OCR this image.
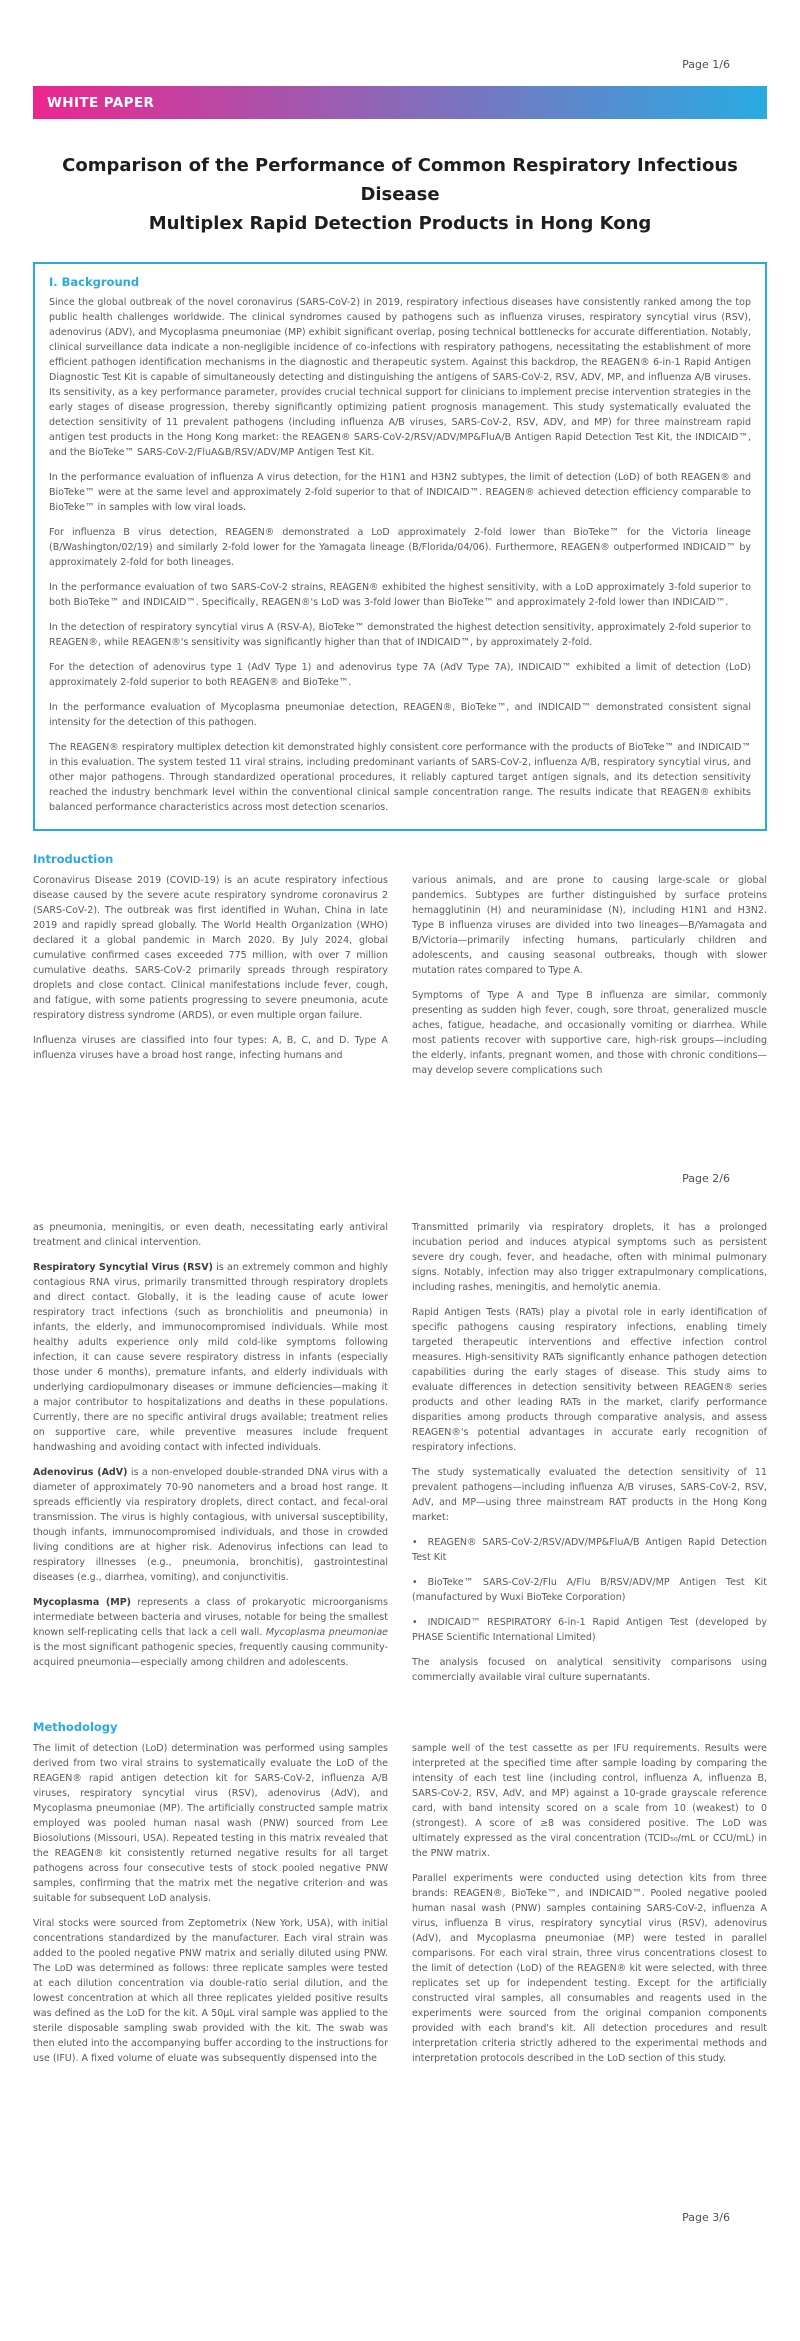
Page 1/6
WHITE PAPER
Comparison of the Performance of Common Respiratory Infectious Disease
Multiplex Rapid Detection Products in Hong Kong
I. Background

Since the global outbreak of the novel coronavirus (SARS-CoV-2) in 2019, respiratory infectious diseases have consistently ranked among the top public health challenges worldwide. The clinical syndromes caused by pathogens such as influenza viruses, respiratory syncytial virus (RSV), adenovirus (ADV), and Mycoplasma pneumoniae (MP) exhibit significant overlap, posing technical bottlenecks for accurate differentiation. Notably, clinical surveillance data indicate a non-negligible incidence of co-infections with respiratory pathogens, necessitating the establishment of more efficient pathogen identification mechanisms in the diagnostic and therapeutic system. Against this backdrop, the REAGEN® 6-in-1 Rapid Antigen Diagnostic Test Kit is capable of simultaneously detecting and distinguishing the antigens of SARS-CoV-2, RSV, ADV, MP, and influenza A/B viruses. Its sensitivity, as a key performance parameter, provides crucial technical support for clinicians to implement precise intervention strategies in the early stages of disease progression, thereby significantly optimizing patient prognosis management. This study systematically evaluated the detection sensitivity of 11 prevalent pathogens (including influenza A/B viruses, SARS-CoV-2, RSV, ADV, and MP) for three mainstream rapid antigen test products in the Hong Kong market: the REAGEN® SARS-CoV-2/RSV/ADV/MP&FluA/B Antigen Rapid Detection Test Kit, the INDICAID™, and the BioTeke™ SARS-CoV-2/FluA&B/RSV/ADV/MP Antigen Test Kit.

In the performance evaluation of influenza A virus detection, for the H1N1 and H3N2 subtypes, the limit of detection (LoD) of both REAGEN® and BioTeke™ were at the same level and approximately 2-fold superior to that of INDICAID™. REAGEN® achieved detection efficiency comparable to BioTeke™ in samples with low viral loads.

For influenza B virus detection, REAGEN® demonstrated a LoD approximately 2-fold lower than BioTeke™ for the Victoria lineage (B/Washington/02/19) and similarly 2-fold lower for the Yamagata lineage (B/Florida/04/06). Furthermore, REAGEN® outperformed INDICAID™ by approximately 2-fold for both lineages.

In the performance evaluation of two SARS-CoV-2 strains, REAGEN® exhibited the highest sensitivity, with a LoD approximately 3-fold superior to both BioTeke™ and INDICAID™. Specifically, REAGEN®'s LoD was 3-fold lower than BioTeke™ and approximately 2-fold lower than INDICAID™.

In the detection of respiratory syncytial virus A (RSV-A), BioTeke™ demonstrated the highest detection sensitivity, approximately 2-fold superior to REAGEN®, while REAGEN®'s sensitivity was significantly higher than that of INDICAID™, by approximately 2-fold.

For the detection of adenovirus type 1 (AdV Type 1) and adenovirus type 7A (AdV Type 7A), INDICAID™ exhibited a limit of detection (LoD) approximately 2-fold superior to both REAGEN® and BioTeke™.

In the performance evaluation of Mycoplasma pneumoniae detection, REAGEN®, BioTeke™, and INDICAID™ demonstrated consistent signal intensity for the detection of this pathogen.

The REAGEN® respiratory multiplex detection kit demonstrated highly consistent core performance with the products of BioTeke™ and INDICAID™ in this evaluation. The system tested 11 viral strains, including predominant variants of SARS-CoV-2, influenza A/B, respiratory syncytial virus, and other major pathogens. Through standardized operational procedures, it reliably captured target antigen signals, and its detection sensitivity reached the industry benchmark level within the conventional clinical sample concentration range. The results indicate that REAGEN® exhibits balanced performance characteristics across most detection scenarios.

Introduction

Coronavirus Disease 2019 (COVID-19) is an acute respiratory infectious disease caused by the severe acute respiratory syndrome coronavirus 2 (SARS-CoV-2). The outbreak was first identified in Wuhan, China in late 2019 and rapidly spread globally. The World Health Organization (WHO) declared it a global pandemic in March 2020. By July 2024, global cumulative confirmed cases exceeded 775 million, with over 7 million cumulative deaths. SARS-CoV-2 primarily spreads through respiratory droplets and close contact. Clinical manifestations include fever, cough, and fatigue, with some patients progressing to severe pneumonia, acute respiratory distress syndrome (ARDS), or even multiple organ failure.

Influenza viruses are classified into four types: A, B, C, and D. Type A influenza viruses have a broad host range, infecting humans and

various animals, and are prone to causing large-scale or global pandemics. Subtypes are further distinguished by surface proteins hemagglutinin (H) and neuraminidase (N), including H1N1 and H3N2. Type B influenza viruses are divided into two lineages—B/Yamagata and B/Victoria—primarily infecting humans, particularly children and adolescents, and causing seasonal outbreaks, though with slower mutation rates compared to Type A.

Symptoms of Type A and Type B influenza are similar, commonly presenting as sudden high fever, cough, sore throat, generalized muscle aches, fatigue, headache, and occasionally vomiting or diarrhea. While most patients recover with supportive care, high-risk groups—including the elderly, infants, pregnant women, and those with chronic conditions—may develop severe complications such

Page 2/6

as pneumonia, meningitis, or even death, necessitating early antiviral treatment and clinical intervention.

Respiratory Syncytial Virus (RSV) is an extremely common and highly contagious RNA virus, primarily transmitted through respiratory droplets and direct contact. Globally, it is the leading cause of acute lower respiratory tract infections (such as bronchiolitis and pneumonia) in infants, the elderly, and immunocompromised individuals. While most healthy adults experience only mild cold-like symptoms following infection, it can cause severe respiratory distress in infants (especially those under 6 months), premature infants, and elderly individuals with underlying cardiopulmonary diseases or immune deficiencies—making it a major contributor to hospitalizations and deaths in these populations. Currently, there are no specific antiviral drugs available; treatment relies on supportive care, while preventive measures include frequent handwashing and avoiding contact with infected individuals.

Adenovirus (AdV) is a non-enveloped double-stranded DNA virus with a diameter of approximately 70-90 nanometers and a broad host range. It spreads efficiently via respiratory droplets, direct contact, and fecal-oral transmission. The virus is highly contagious, with universal susceptibility, though infants, immunocompromised individuals, and those in crowded living conditions are at higher risk. Adenovirus infections can lead to respiratory illnesses (e.g., pneumonia, bronchitis), gastrointestinal diseases (e.g., diarrhea, vomiting), and conjunctivitis.

Mycoplasma (MP) represents a class of prokaryotic microorganisms intermediate between bacteria and viruses, notable for being the smallest known self-replicating cells that lack a cell wall. Mycoplasma pneumoniae is the most significant pathogenic species, frequently causing community-acquired pneumonia—especially among children and adolescents.

Transmitted primarily via respiratory droplets, it has a prolonged incubation period and induces atypical symptoms such as persistent severe dry cough, fever, and headache, often with minimal pulmonary signs. Notably, infection may also trigger extrapulmonary complications, including rashes, meningitis, and hemolytic anemia.

Rapid Antigen Tests (RATs) play a pivotal role in early identification of specific pathogens causing respiratory infections, enabling timely targeted therapeutic interventions and effective infection control measures. High-sensitivity RATs significantly enhance pathogen detection capabilities during the early stages of disease. This study aims to evaluate differences in detection sensitivity between REAGEN® series products and other leading RATs in the market, clarify performance disparities among products through comparative analysis, and assess REAGEN®'s potential advantages in accurate early recognition of respiratory infections.

The study systematically evaluated the detection sensitivity of 11 prevalent pathogens—including influenza A/B viruses, SARS-CoV-2, RSV, AdV, and MP—using three mainstream RAT products in the Hong Kong market:

• REAGEN® SARS-CoV-2/RSV/ADV/MP&FluA/B Antigen Rapid Detection Test Kit

• BioTeke™ SARS-CoV-2/Flu A/Flu B/RSV/ADV/MP Antigen Test Kit (manufactured by Wuxi BioTeke Corporation)

• INDICAID™ RESPIRATORY 6-in-1 Rapid Antigen Test (developed by PHASE Scientific International Limited)

The analysis focused on analytical sensitivity comparisons using commercially available viral culture supernatants.

Methodology

The limit of detection (LoD) determination was performed using samples derived from two viral strains to systematically evaluate the LoD of the REAGEN® rapid antigen detection kit for SARS-CoV-2, influenza A/B viruses, respiratory syncytial virus (RSV), adenovirus (AdV), and Mycoplasma pneumoniae (MP). The artificially constructed sample matrix employed was pooled human nasal wash (PNW) sourced from Lee Biosolutions (Missouri, USA). Repeated testing in this matrix revealed that the REAGEN® kit consistently returned negative results for all target pathogens across four consecutive tests of stock pooled negative PNW samples, confirming that the matrix met the negative criterion and was suitable for subsequent LoD analysis.

Viral stocks were sourced from Zeptometrix (New York, USA), with initial concentrations standardized by the manufacturer. Each viral strain was added to the pooled negative PNW matrix and serially diluted using PNW. The LoD was determined as follows: three replicate samples were tested at each dilution concentration via double-ratio serial dilution, and the lowest concentration at which all three replicates yielded positive results was defined as the LoD for the kit. A 50μL viral sample was applied to the sterile disposable sampling swab provided with the kit. The swab was then eluted into the accompanying buffer according to the instructions for use (IFU). A fixed volume of eluate was subsequently dispensed into the

sample well of the test cassette as per IFU requirements. Results were interpreted at the specified time after sample loading by comparing the intensity of each test line (including control, influenza A, influenza B, SARS-CoV-2, RSV, AdV, and MP) against a 10-grade grayscale reference card, with band intensity scored on a scale from 10 (weakest) to 0 (strongest). A score of ≥8 was considered positive. The LoD was ultimately expressed as the viral concentration (TCID₅₀/mL or CCU/mL) in the PNW matrix.

Parallel experiments were conducted using detection kits from three brands: REAGEN®, BioTeke™, and INDICAID™. Pooled negative pooled human nasal wash (PNW) samples containing SARS-CoV-2, influenza A virus, influenza B virus, respiratory syncytial virus (RSV), adenovirus (AdV), and Mycoplasma pneumoniae (MP) were tested in parallel comparisons. For each viral strain, three virus concentrations closest to the limit of detection (LoD) of the REAGEN® kit were selected, with three replicates set up for independent testing. Except for the artificially constructed viral samples, all consumables and reagents used in the experiments were sourced from the original companion components provided with each brand's kit. All detection procedures and result interpretation criteria strictly adhered to the experimental methods and interpretation protocols described in the LoD section of this study.

Page 3/6
